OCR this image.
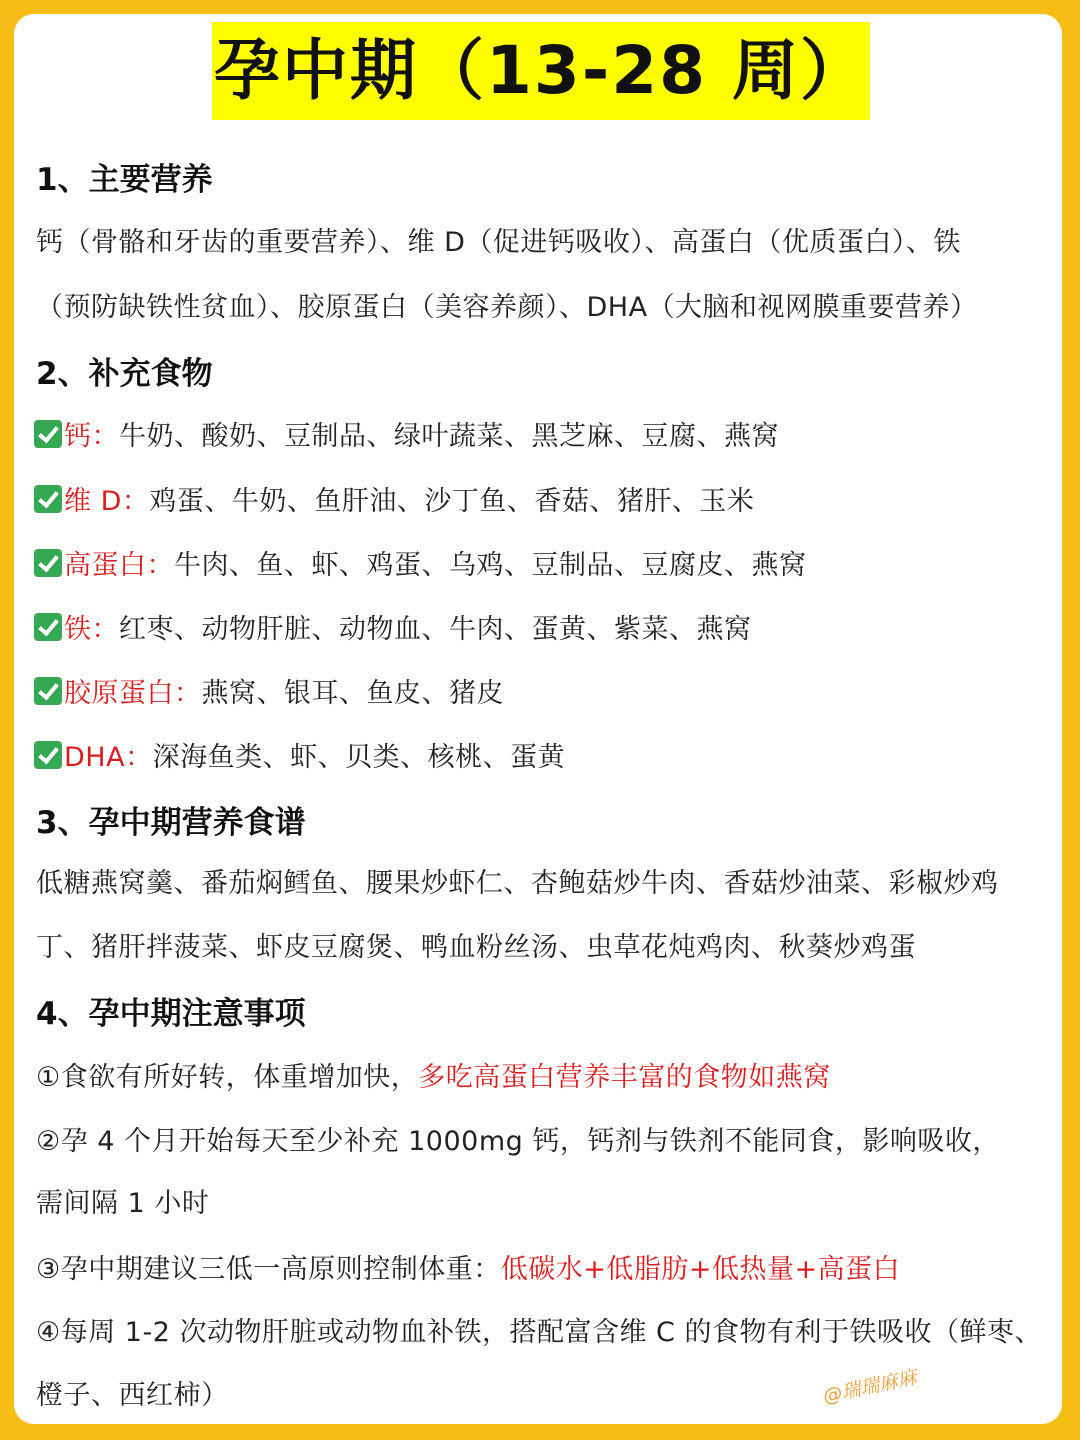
孕中期（13-28 周）
1、主要营养
钙（骨骼和牙齿的重要营养）、维 D（促进钙吸收）、高蛋白（优质蛋白）、铁
（预防缺铁性贫血）、胶原蛋白（美容养颜）、DHA（大脑和视网膜重要营养）
2、补充食物
钙： 牛奶、酸奶、豆制品、绿叶蔬菜、黑芝麻、豆腐、燕窝
维 D： 鸡蛋、牛奶、鱼肝油、沙丁鱼、香菇、猪肝、玉米
高蛋白： 牛肉、鱼、虾、鸡蛋、乌鸡、豆制品、豆腐皮、燕窝
铁： 红枣、动物肝脏、动物血、牛肉、蛋黄、紫菜、燕窝
胶原蛋白： 燕窝、银耳、鱼皮、猪皮
DHA： 深海鱼类、虾、贝类、核桃、蛋黄
3、孕中期营养食谱
低糖燕窝羹、番茄焖鳕鱼、腰果炒虾仁、杏鲍菇炒牛肉、香菇炒油菜、彩椒炒鸡
丁、猪肝拌菠菜、虾皮豆腐煲、鸭血粉丝汤、虫草花炖鸡肉、秋葵炒鸡蛋
4、孕中期注意事项
①食欲有所好转，体重增加快，多吃高蛋白营养丰富的食物如燕窝
②孕 4 个月开始每天至少补充 1000mg 钙，钙剂与铁剂不能同食，影响吸收，
需间隔 1 小时
③孕中期建议三低一高原则控制体重：低碳水+低脂肪+低热量+高蛋白
④每周 1-2 次动物肝脏或动物血补铁，搭配富含维 C 的食物有利于铁吸收（鲜枣、
橙子、西红柿）	@瑞瑞麻麻
